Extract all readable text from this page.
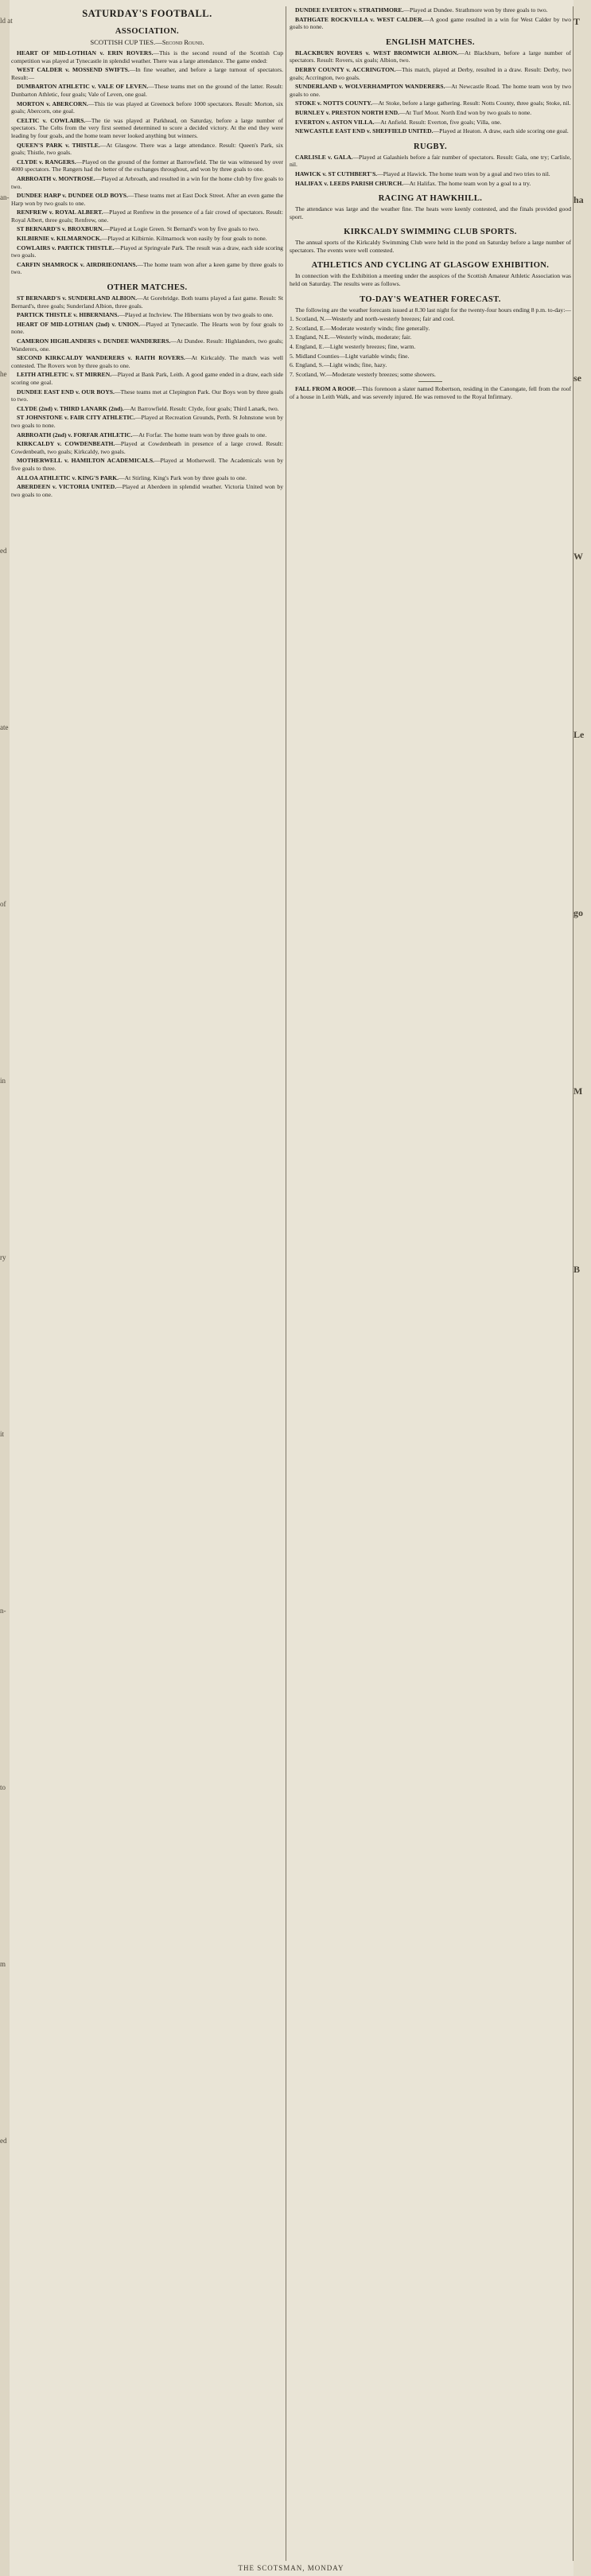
ld at
an-
he
ed
ate
of
in
ry
it
n-
to
m
ed
T
ha
se
W
Le
go
M
B
SATURDAY'S FOOTBALL.
ASSOCIATION.
SCOTTISH CUP TIES.—Second Round.
HEART OF MID-LOTHIAN v. ERIN ROVERS.—This is the second round of the Scottish Cup competition was played at Tynecastle in splendid weather. There was a large attendance. The game ended:
WEST CALDER v. MOSSEND SWIFTS.—In fine weather, and before a large turnout of spectators. Result:—
DUMBARTON ATHLETIC v. VALE OF LEVEN.—These teams met on the ground of the latter. Result: Dunbarton Athletic, four goals; Vale of Leven, one goal.
MORTON v. ABERCORN.—This tie was played at Greenock before 1000 spectators. Result: Morton, six goals; Abercorn, one goal.
CELTIC v. COWLAIRS.—The tie was played at Parkhead, on Saturday, before a large number of spectators. The Celts from the very first seemed determined to score a decided victory. At the end they were leading by four goals, and the home team never looked anything but winners.
QUEEN'S PARK v. THISTLE.—At Glasgow. There was a large attendance. Result: Queen's Park, six goals; Thistle, two goals.
CLYDE v. RANGERS.—Played on the ground of the former at Barrowfield. The tie was witnessed by over 4000 spectators. The Rangers had the better of the exchanges throughout, and won by three goals to one.
ARBROATH v. MONTROSE.—Played at Arbroath, and resulted in a win for the home club by five goals to two.
DUNDEE HARP v. DUNDEE OLD BOYS.—These teams met at East Dock Street. After an even game the Harp won by two goals to one.
RENFREW v. ROYAL ALBERT.—Played at Renfrew in the presence of a fair crowd of spectators. Result: Royal Albert, three goals; Renfrew, one.
ST BERNARD'S v. BROXBURN.—Played at Logie Green. St Bernard's won by five goals to two.
KILBIRNIE v. KILMARNOCK.—Played at Kilbirnie. Kilmarnock won easily by four goals to none.
COWLAIRS v. PARTICK THISTLE.—Played at Springvale Park. The result was a draw, each side scoring two goals.
CARFIN SHAMROCK v. AIRDRIEONIANS.—The home team won after a keen game by three goals to two.
OTHER MATCHES.
ST BERNARD'S v. SUNDERLAND ALBION.—At Gorebridge. Both teams played a fast game. Result: St Bernard's, three goals; Sunderland Albion, three goals.
PARTICK THISTLE v. HIBERNIANS.—Played at Inchview. The Hibernians won by two goals to one.
HEART OF MID-LOTHIAN (2nd) v. UNION.—Played at Tynecastle. The Hearts won by four goals to none.
CAMERON HIGHLANDERS v. DUNDEE WANDERERS.—At Dundee. Result: Highlanders, two goals; Wanderers, one.
SECOND KIRKCALDY WANDERERS v. RAITH ROVERS.—At Kirkcaldy. The match was well contested. The Rovers won by three goals to one.
LEITH ATHLETIC v. ST MIRREN.—Played at Bank Park, Leith. A good game ended in a draw, each side scoring one goal.
DUNDEE EAST END v. OUR BOYS.—These teams met at Clepington Park. Our Boys won by three goals to two.
CLYDE (2nd) v. THIRD LANARK (2nd).—At Barrowfield. Result: Clyde, four goals; Third Lanark, two.
ST JOHNSTONE v. FAIR CITY ATHLETIC.—Played at Recreation Grounds, Perth. St Johnstone won by two goals to none.
ARBROATH (2nd) v. FORFAR ATHLETIC.—At Forfar. The home team won by three goals to one.
KIRKCALDY v. COWDENBEATH.—Played at Cowdenbeath in presence of a large crowd. Result: Cowdenbeath, two goals; Kirkcaldy, two goals.
MOTHERWELL v. HAMILTON ACADEMICALS.—Played at Motherwell. The Academicals won by five goals to three.
ALLOA ATHLETIC v. KING'S PARK.—At Stirling. King's Park won by three goals to one.
ABERDEEN v. VICTORIA UNITED.—Played at Aberdeen in splendid weather. Victoria United won by two goals to one.
DUNDEE EVERTON v. STRATHMORE.—Played at Dundee. Strathmore won by three goals to two.
BATHGATE ROCKVILLA v. WEST CALDER.—A good game resulted in a win for West Calder by two goals to none.
ENGLISH MATCHES.
BLACKBURN ROVERS v. WEST BROMWICH ALBION.—At Blackburn, before a large number of spectators. Result: Rovers, six goals; Albion, two.
DERBY COUNTY v. ACCRINGTON.—This match, played at Derby, resulted in a draw. Result: Derby, two goals; Accrington, two goals.
SUNDERLAND v. WOLVERHAMPTON WANDERERS.—At Newcastle Road. The home team won by two goals to one.
STOKE v. NOTTS COUNTY.—At Stoke, before a large gathering. Result: Notts County, three goals; Stoke, nil.
BURNLEY v. PRESTON NORTH END.—At Turf Moor. North End won by two goals to none.
EVERTON v. ASTON VILLA.—At Anfield. Result: Everton, five goals; Villa, one.
NEWCASTLE EAST END v. SHEFFIELD UNITED.—Played at Heaton. A draw, each side scoring one goal.
RUGBY.
CARLISLE v. GALA.—Played at Galashiels before a fair number of spectators. Result: Gala, one try; Carlisle, nil.
HAWICK v. ST CUTHBERT'S.—Played at Hawick. The home team won by a goal and two tries to nil.
HALIFAX v. LEEDS PARISH CHURCH.—At Halifax. The home team won by a goal to a try.
RACING AT HAWKHILL.
The attendance was large and the weather fine. The heats were keenly contested, and the finals provided good sport.
KIRKCALDY SWIMMING CLUB SPORTS.
The annual sports of the Kirkcaldy Swimming Club were held in the pond on Saturday before a large number of spectators. The events were well contested.
ATHLETICS AND CYCLING AT GLASGOW EXHIBITION.
In connection with the Exhibition a meeting under the auspices of the Scottish Amateur Athletic Association was held on Saturday. The results were as follows.
TO-DAY'S WEATHER FORECAST.
The following are the weather forecasts issued at 8.30 last night for the twenty-four hours ending 8 p.m. to-day:—
1. Scotland, N.—Westerly and north-westerly breezes; fair and cool.
2. Scotland, E.—Moderate westerly winds; fine generally.
3. England, N.E.—Westerly winds, moderate; fair.
4. England, E.—Light westerly breezes; fine, warm.
5. Midland Counties—Light variable winds; fine.
6. England, S.—Light winds; fine, hazy.
7. Scotland, W.—Moderate westerly breezes; some showers.
FALL FROM A ROOF.—This forenoon a slater named Robertson, residing in the Canongate, fell from the roof of a house in Leith Walk, and was severely injured. He was removed to the Royal Infirmary.
THE SCOTSMAN, MONDAY
